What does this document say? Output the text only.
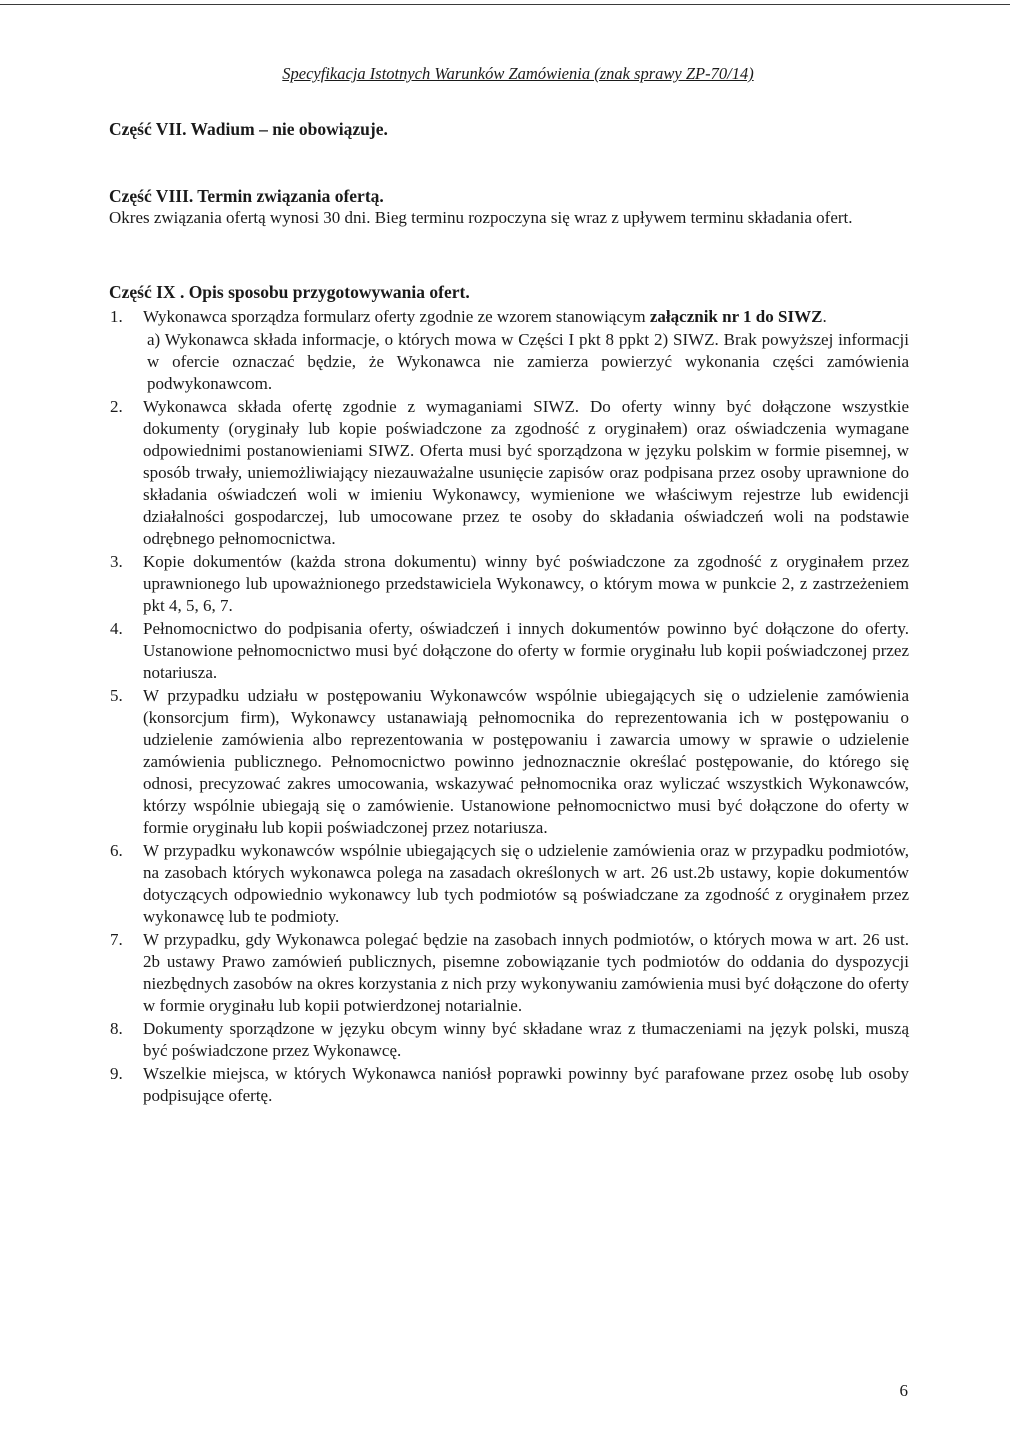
Specyfikacja Istotnych Warunków Zamówienia (znak sprawy ZP-70/14)

Część VII. Wadium – nie obowiązuje.

Część VIII. Termin związania ofertą.

Okres związania ofertą wynosi 30 dni. Bieg terminu rozpoczyna się wraz z upływem terminu składania ofert.

Część IX . Opis sposobu przygotowywania ofert.

1. Wykonawca sporządza formularz oferty zgodnie ze wzorem stanowiącym załącznik nr 1 do SIWZ.
a) Wykonawca składa informacje, o których mowa w Części I pkt 8 ppkt 2) SIWZ. Brak powyższej informacji w ofercie oznaczać będzie, że Wykonawca nie zamierza powierzyć wykonania części zamówienia podwykonawcom.
2. Wykonawca składa ofertę zgodnie z wymaganiami SIWZ. Do oferty winny być dołączone wszystkie dokumenty (oryginały lub kopie poświadczone za zgodność z oryginałem) oraz oświadczenia wymagane odpowiednimi postanowieniami SIWZ. Oferta musi być sporządzona w języku polskim w formie pisemnej, w sposób trwały, uniemożliwiający niezauważalne usunięcie zapisów oraz podpisana przez osoby uprawnione do składania oświadczeń woli w imieniu Wykonawcy, wymienione we właściwym rejestrze lub ewidencji działalności gospodarczej, lub umocowane przez te osoby do składania oświadczeń woli na podstawie odrębnego pełnomocnictwa.
3. Kopie dokumentów (każda strona dokumentu) winny być poświadczone za zgodność z oryginałem przez uprawnionego lub upoważnionego przedstawiciela Wykonawcy, o którym mowa w punkcie 2, z zastrzeżeniem pkt 4, 5, 6, 7.
4. Pełnomocnictwo do podpisania oferty, oświadczeń i innych dokumentów powinno być dołączone do oferty. Ustanowione pełnomocnictwo musi być dołączone do oferty w formie oryginału lub kopii poświadczonej przez notariusza.
5. W przypadku udziału w postępowaniu Wykonawców wspólnie ubiegających się o udzielenie zamówienia (konsorcjum firm), Wykonawcy ustanawiają pełnomocnika do reprezentowania ich w postępowaniu o udzielenie zamówienia albo reprezentowania w postępowaniu i zawarcia umowy w sprawie o udzielenie zamówienia publicznego. Pełnomocnictwo powinno jednoznacznie określać postępowanie, do którego się odnosi, precyzować zakres umocowania, wskazywać pełnomocnika oraz wyliczać wszystkich Wykonawców, którzy wspólnie ubiegają się o zamówienie. Ustanowione pełnomocnictwo musi być dołączone do oferty w formie oryginału lub kopii poświadczonej przez notariusza.
6. W przypadku wykonawców wspólnie ubiegających się o udzielenie zamówienia oraz w przypadku podmiotów, na zasobach których wykonawca polega na zasadach określonych w art. 26 ust.2b ustawy, kopie dokumentów dotyczących odpowiednio wykonawcy lub tych podmiotów są poświadczane za zgodność z oryginałem przez wykonawcę lub te podmioty.
7. W przypadku, gdy Wykonawca polegać będzie na zasobach innych podmiotów, o których mowa w art. 26 ust. 2b ustawy Prawo zamówień publicznych, pisemne zobowiązanie tych podmiotów do oddania do dyspozycji niezbędnych zasobów na okres korzystania z nich przy wykonywaniu zamówienia musi być dołączone do oferty w formie oryginału lub kopii potwierdzonej notarialnie.
8. Dokumenty sporządzone w języku obcym winny być składane wraz z tłumaczeniami na język polski, muszą być poświadczone przez Wykonawcę.
9. Wszelkie miejsca, w których Wykonawca naniósł poprawki powinny być parafowane przez osobę lub osoby podpisujące ofertę.
6
